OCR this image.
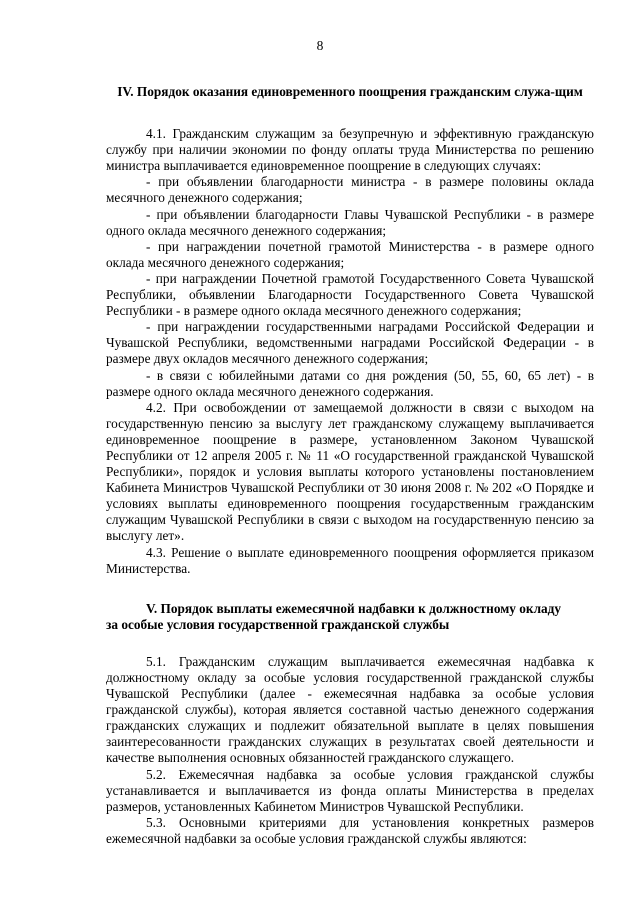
8
IV. Порядок оказания единовременного поощрения гражданским служа-щим

4.1. Гражданским служащим за безупречную и эффективную гражданскую службу при наличии экономии по фонду оплаты труда Министерства по решению министра выплачивается единовременное поощрение в следующих случаях:

- при объявлении благодарности министра - в размере половины оклада месячного денежного содержания;

- при объявлении благодарности Главы Чувашской Республики - в размере одного оклада месячного денежного содержания;

- при награждении почетной грамотой Министерства - в размере одного оклада месячного денежного содержания;

- при награждении Почетной грамотой Государственного Совета Чувашской Республики, объявлении Благодарности Государственного Совета Чувашской Республики - в размере одного оклада месячного денежного содержания;

- при награждении государственными наградами Российской Федерации и Чувашской Республики, ведомственными наградами Российской Федерации - в размере двух окладов месячного денежного содержания;

- в связи с юбилейными датами со дня рождения (50, 55, 60, 65 лет) - в размере одного оклада месячного денежного содержания.

4.2. При освобождении от замещаемой должности в связи с выходом на государственную пенсию за выслугу лет гражданскому служащему выплачивается единовременное поощрение в размере, установленном Законом Чувашской Республики от 12 апреля 2005 г. № 11 «О государственной гражданской Чувашской Республики», порядок и условия выплаты которого установлены постановлением Кабинета Министров Чувашской Республики от 30 июня 2008 г. № 202 «О Порядке и условиях выплаты единовременного поощрения государственным гражданским служащим Чувашской Республики в связи с выходом на государственную пенсию за выслугу лет».

4.3. Решение о выплате единовременного поощрения оформляется приказом Министерства.

V. Порядок выплаты ежемесячной надбавки к должностному окладу
за особые условия государственной гражданской службы

5.1. Гражданским служащим выплачивается ежемесячная надбавка к должностному окладу за особые условия государственной гражданской службы Чувашской Республики (далее - ежемесячная надбавка за особые условия гражданской службы), которая является составной частью денежного содержания гражданских служащих и подлежит обязательной выплате в целях повышения заинтересованности гражданских служащих в результатах своей деятельности и качестве выполнения основных обязанностей гражданского служащего.

5.2. Ежемесячная надбавка за особые условия гражданской службы устанавливается и выплачивается из фонда оплаты Министерства в пределах размеров, установленных Кабинетом Министров Чувашской Республики.

5.3. Основными критериями для установления конкретных размеров ежемесячной надбавки за особые условия гражданской службы являются:
